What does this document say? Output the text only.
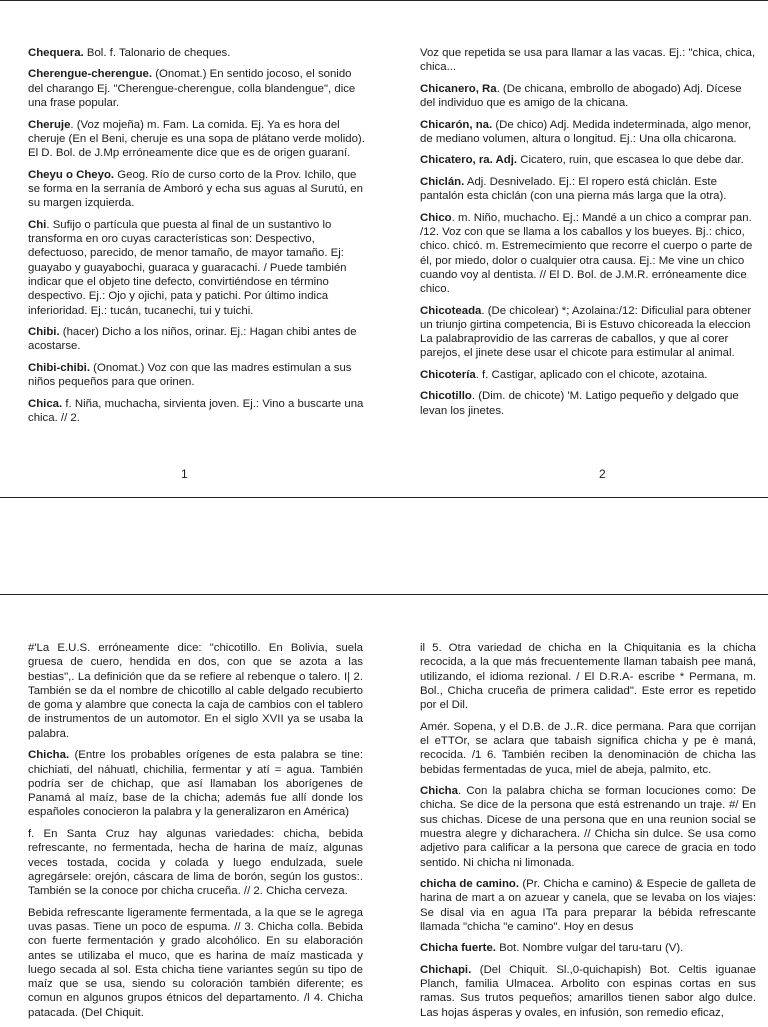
Chequera. Bol. f. Talonario de cheques.

Cherengue-cherengue. (Onomat.) En sentido jocoso, el sonido del charango Ej. "Cherengue-cherengue, colla blandengue", dice una frase popular.

Cheruje. (Voz mojeña) m. Fam. La comida. Ej. Ya es hora del cheruje (En el Beni, cheruje es una sopa de plátano verde molido). El D. Bol. de J.Mp erróneamente dice que es de origen guaraní.

Cheyu o Cheyo. Geog. Río de curso corto de la Prov. Ichilo, que se forma en la serranía de Amboró y echa sus aguas al Surutú, en su margen izquierda.

Chi. Sufijo o partícula que puesta al final de un sustantivo lo transforma en oro cuyas características son: Despectivo, defectuoso, parecido, de menor tamaño, de mayor tamaño. Ej: guayabo y guayabochi, guaraca y guaracachi. / Puede también indicar que el objeto tine defecto, convirtiéndose en término despectivo. Ej.: Ojo y ojichi, pata y patichi. Por último indica inferioridad. Ej.: tucán, tucanechi, tui y tuichi.

Chibi. (hacer) Dicho a los niños, orinar. Ej.: Hagan chibi antes de acostarse.

Chibi-chibi. (Onomat.) Voz con que las madres estimulan a sus niños pequeños para que orinen.

Chica. f. Niña, muchacha, sirvienta joven. Ej.: Vino a buscarte una chica. // 2.

1

Voz que repetida se usa para llamar a las vacas. Ej.: "chica, chica, chica...

Chicanero, Ra. (De chicana, embrollo de abogado) Adj. Dícese del individuo que es amigo de la chicana.

Chicarón, na. (De chico) Adj. Medida indeterminada, algo menor, de mediano volumen, altura o longitud. Ej.: Una olla chicarona.

Chicatero, ra. Adj. Cicatero, ruin, que escasea lo que debe dar.

Chiclán. Adj. Desnivelado. Ej.: El ropero está chiclán. Este pantalón esta chiclán (con una pierna más larga que la otra).

Chico. m. Niño, muchacho. Ej.: Mandé a un chico a comprar pan. /12. Voz con que se llama a los caballos y los bueyes. Bj.: chico, chico. chicó. m. Estremecimiento que recorre el cuerpo o parte de él, por miedo, dolor o cualquier otra causa. Ej.: Me vine un chico cuando voy al dentista. // El D. Bol. de J.M.R. erróneamente dice chico.

Chicoteada. (De chicolear) *; Azolaina:/12: Dificulial para obtener un triunjo girtina competencia, Bi is Estuvo chicoreada la eleccion La palabraprovidio de las carreras de caballos, y que al corer parejos, el jinete dese usar el chicote para estimular al animal.

Chicotería. f. Castigar, aplicado con el chicote, azotaina.

Chicotillo. (Dim. de chicote) 'M. Latigo pequeño y delgado que levan los jinetes.

2

#'La E.U.S. erróneamente dice: "chicotillo. En Bolivia, suela gruesa de cuero, hendida en dos, con que se azota a las bestias",. La definición que da se refiere al rebenque o talero. I| 2. También se da el nombre de chicotillo al cable delgado recubierto de goma y alambre que conecta la caja de cambios con el tablero de instrumentos de un automotor. En el siglo XVII ya se usaba la palabra.

Chicha. (Entre los probables orígenes de esta palabra se tine: chichiati, del náhuatl, chichilia, fermentar y atí = agua. También podría ser de chichap, que así llamaban los aborígenes de Panamá al maíz, base de la chicha; además fue allí donde los españoles conocieron la palabra y la generalizaron en América)

f. En Santa Cruz hay algunas variedades: chicha, bebida refrescante, no fermentada, hecha de harina de maíz, algunas veces tostada, cocida y colada y luego endulzada, suele agregársele: orejón, cáscara de lima de borón, según los gustos:. También se la conoce por chicha cruceña. // 2. Chicha cerveza.

Bebida refrescante ligeramente fermentada, a la que se le agrega uvas pasas. Tiene un poco de espuma. // 3. Chicha colla. Bebida con fuerte fermentación y grado alcohólico. En su elaboración antes se utilizaba el muco, que es harina de maíz masticada y luego secada al sol. Esta chicha tiene variantes según su tipo de maíz que se usa, siendo su coloración también diferente; es comun en algunos grupos étnicos del departamento. /l 4. Chicha patacada. (Del Chiquit.

il 5. Otra variedad de chicha en la Chiquitania es la chicha recocida, a la que más frecuentemente llaman tabaish pee maná, utilizando, el idioma rezional. / El D.R.A- escribe * Permana, m. Bol., Chicha cruceña de primera calidad". Este error es repetido por el Dil.

Amér. Sopena, y el D.B. de J..R. dice permana. Para que corrijan el eTTOr, se aclara que tabaish significa chicha y pe è maná, recocida. /1 6. También reciben la denominación de chicha las bebidas fermentadas de yuca, miel de abeja, palmito, etc.

Chicha. Con la palabra chicha se forman locuciones como: De chicha. Se dice de la persona que está estrenando un traje. #/ En sus chichas. Dicese de una persona que en una reunion social se muestra alegre y dicharachera. // Chicha sin dulce. Se usa como adjetivo para calificar a la persona que carece de gracia en todo sentido. Ni chicha ni limonada.

chicha de camino. (Pr. Chicha e camino) & Especie de galleta de harina de mart a on azuear y canela, que se levaba on los viajes: Se disal via en agua ITa para preparar la bébida refrescante llamada "chicha "e camino". Hoy en desus

Chicha fuerte. Bot. Nombre vulgar del taru-taru (V).

Chichapi. (Del Chiquit. Sl.,0-quichapish) Bot. Celtis iguanae Planch, familia Ulmacea. Arbolito con espinas cortas en sus ramas. Sus trutos pequeños; amarillos tienen sabor algo dulce. Las hojas ásperas y ovales, en infusión, son remedio eficaz,
